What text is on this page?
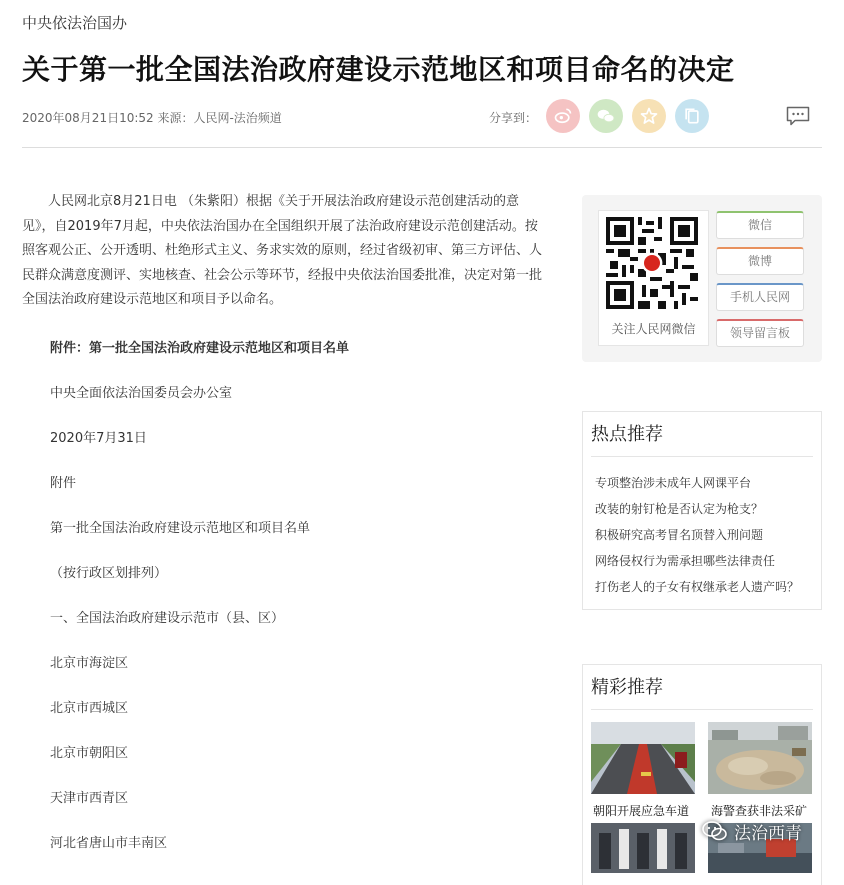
中央依法治国办
关于第一批全国法治政府建设示范地区和项目命名的决定
2020年08月21日10:52 来源：人民网-法治频道	分享到：

人民网北京8月21日电 （朱紫阳）根据《关于开展法治政府建设示范创建活动的意见》，自2019年7月起，中央依法治国办在全国组织开展了法治政府建设示范创建活动。按照客观公正、公开透明、杜绝形式主义、务求实效的原则，经过省级初审、第三方评估、人民群众满意度测评、实地核查、社会公示等环节，经报中央依法治国委批准，决定对第一批全国法治政府建设示范地区和项目予以命名。

附件：第一批全国法治政府建设示范地区和项目名单
中央全面依法治国委员会办公室
2020年7月31日
附件
第一批全国法治政府建设示范地区和项目名单
（按行政区划排列）
一、全国法治政府建设示范市（县、区）
北京市海淀区
北京市西城区
北京市朝阳区
天津市西青区
河北省唐山市丰南区
关注人民网微信
微信
微博
手机人民网
领导留言板
热点推荐
专项整治涉未成年人网课平台
改装的射钉枪是否认定为枪支？
积极研究高考冒名顶替入刑问题
网络侵权行为需承担哪些法律责任
打伤老人的子女有权继承老人遗产吗？
精彩推荐
朝阳开展应急车道	海警查获非法采矿
法治西青
